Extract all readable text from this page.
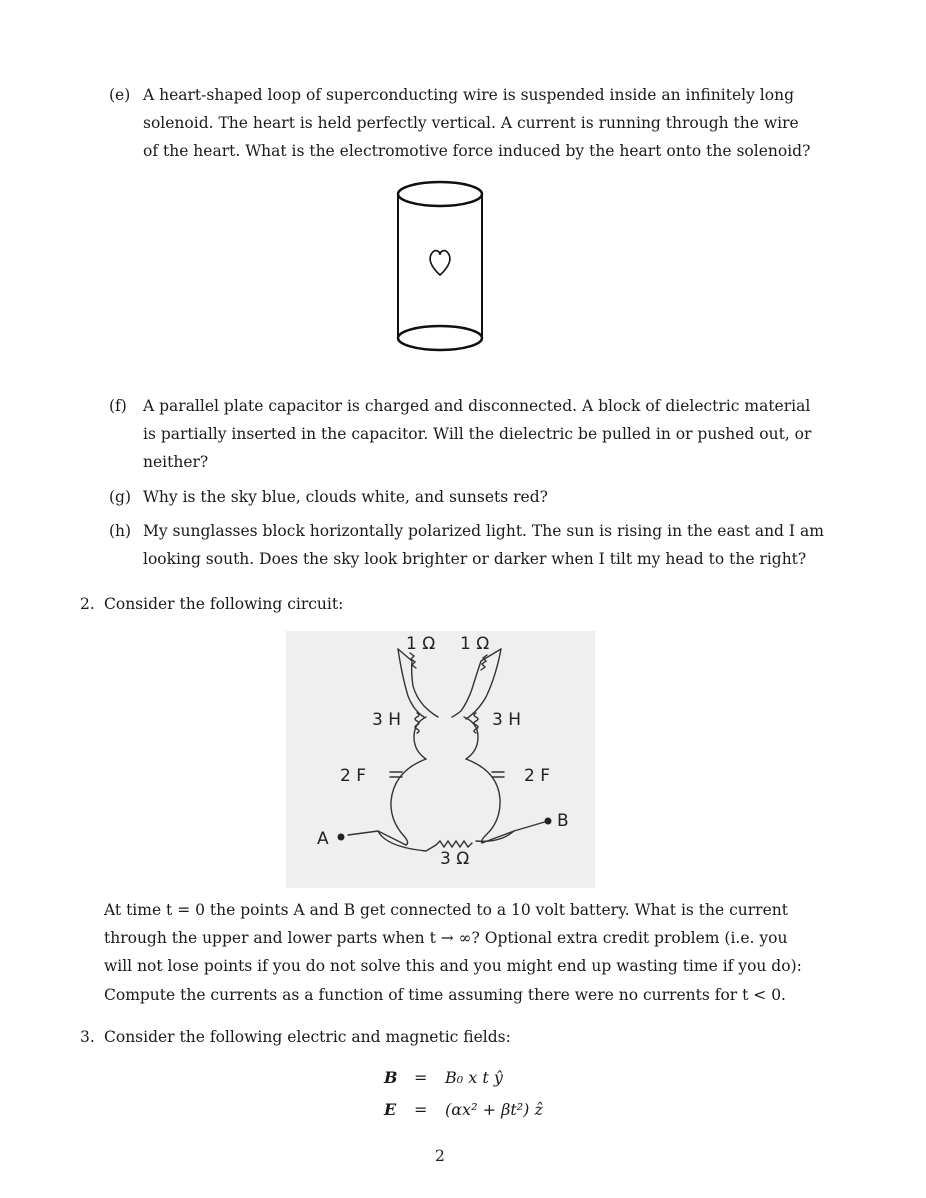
(e) A heart-shaped loop of superconducting wire is suspended inside an infinitely long
solenoid. The heart is held perfectly vertical. A current is running through the wire
of the heart. What is the electromotive force induced by the heart onto the solenoid?
(f) A parallel plate capacitor is charged and disconnected. A block of dielectric material
is partially inserted in the capacitor. Will the dielectric be pulled in or pushed out, or
neither?
(g) Why is the sky blue, clouds white, and sunsets red?
(h) My sunglasses block horizontally polarized light. The sun is rising in the east and I am
looking south. Does the sky look brighter or darker when I tilt my head to the right?
2. Consider the following circuit:
1 Ω 1 Ω
3 H	3 H
2 F	2 F
3 Ω
A
B
At time t = 0 the points A and B get connected to a 10 volt battery. What is the current
through the upper and lower parts when t → ∞? Optional extra credit problem (i.e. you
will not lose points if you do not solve this and you might end up wasting time if you do):
Compute the currents as a function of time assuming there were no currents for t < 0.
3. Consider the following electric and magnetic fields:
B = B₀ x t ŷ
E = (αx² + βt²) ẑ
2
